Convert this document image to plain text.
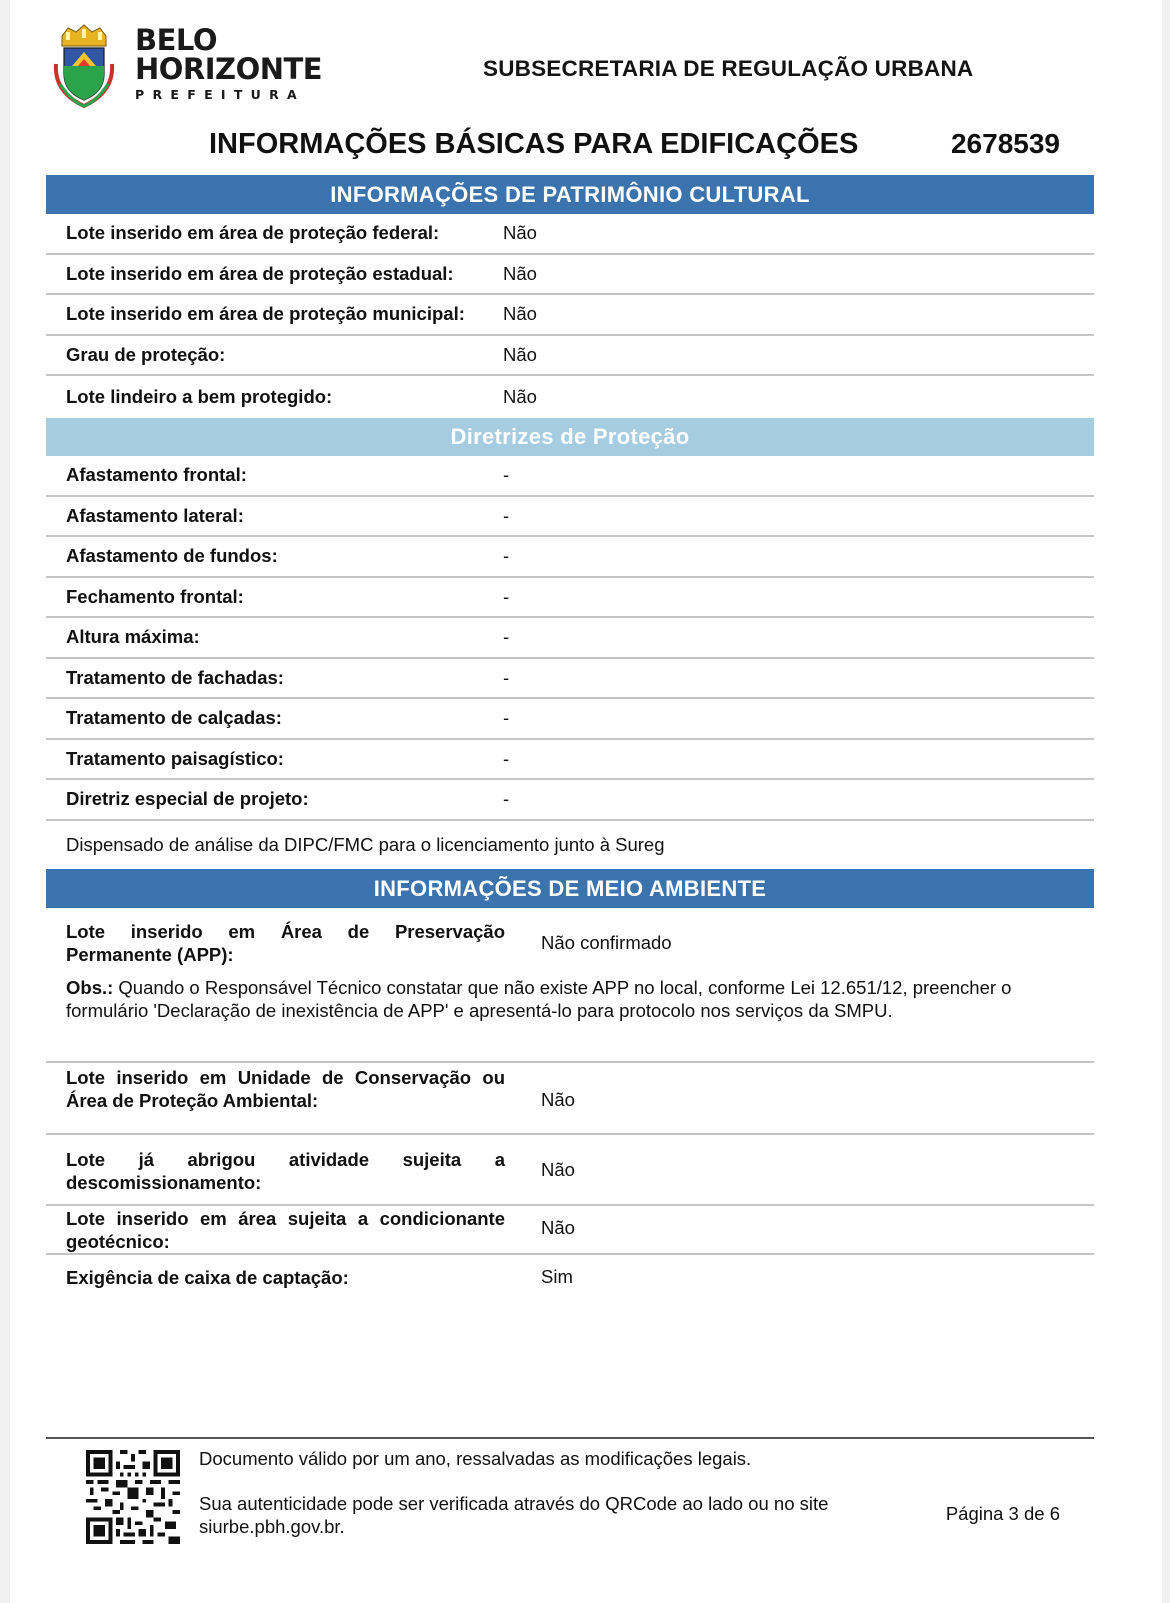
BELO
HORIZONTE
PREFEITURA
SUBSECRETARIA DE REGULAÇÃO URBANA
INFORMAÇÕES BÁSICAS PARA EDIFICAÇÕES	2678539
INFORMAÇÕES DE PATRIMÔNIO CULTURAL
Lote inserido em área de proteção federal:	Não
Lote inserido em área de proteção estadual:	Não
Lote inserido em área de proteção municipal: Não
Grau de proteção:	Não
Lote lindeiro a bem protegido:	Não
Diretrizes de Proteção
Afastamento frontal:	-
Afastamento lateral:	-
Afastamento de fundos:	-
Fechamento frontal:	-
Altura máxima:	-
Tratamento de fachadas:	-
Tratamento de calçadas:	-
Tratamento paisagístico:	-
Diretriz especial de projeto:	-
Dispensado de análise da DIPC/FMC para o licenciamento junto à Sureg
INFORMAÇÕES DE MEIO AMBIENTE
Lote inserido em Área de Preservação Permanente (APP):
Não confirmado
Obs.: Quando o Responsável Técnico constatar que não existe APP no local, conforme Lei 12.651/12, preencher o formulário 'Declaração de inexistência de APP' e apresentá-lo para protocolo nos serviços da SMPU.
Lote inserido em Unidade de Conservação ou Área de Proteção Ambiental:	Não
Lote já abrigou atividade sujeita a descomissionamento:
Não
Lote inserido em área sujeita a condicionante geotécnico:
Não
Exigência de caixa de captação:	Sim
Documento válido por um ano, ressalvadas as modificações legais.
Sua autenticidade pode ser verificada através do QRCode ao lado ou no site siurbe.pbh.gov.br.
Página 3 de 6
